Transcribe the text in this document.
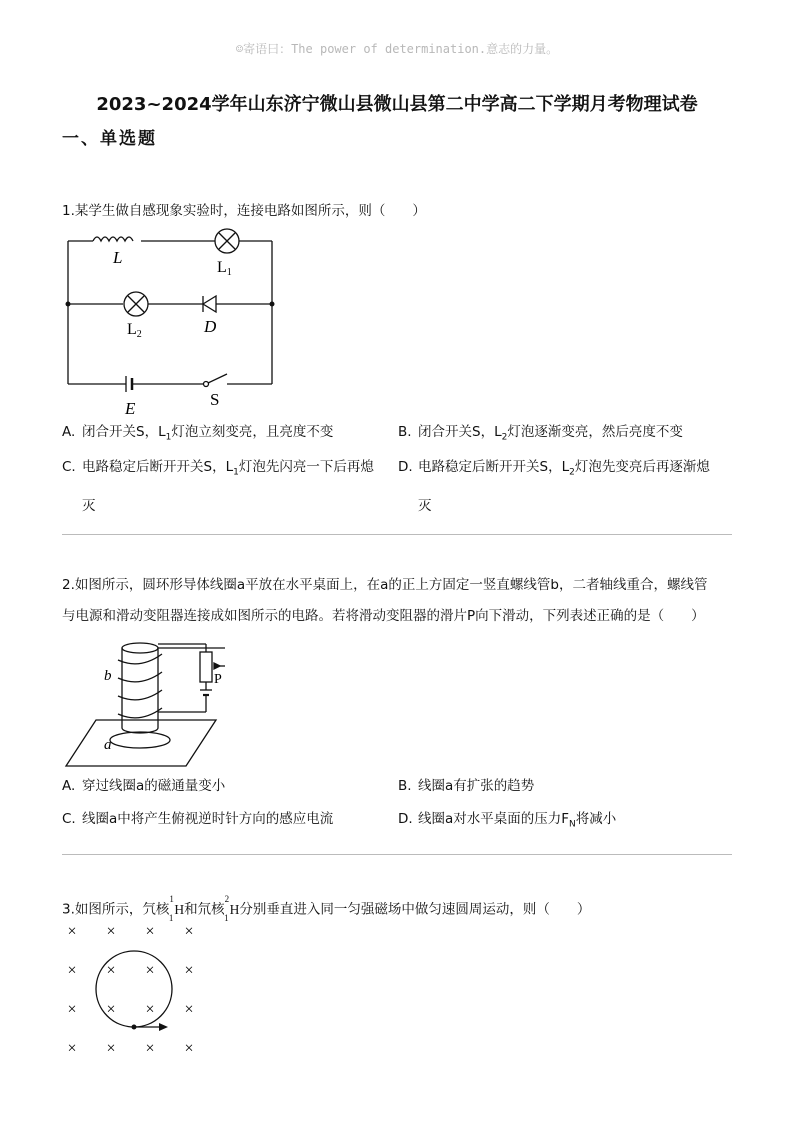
☺寄语曰：The power of determination.意志的力量。
2023~2024学年山东济宁微山县微山县第二中学高二下学期月考物理试卷
一、单选题
1.某学生做自感现象实验时，连接电路如图所示，则（　　）
L
L1
L2	D
E	S
A. 闭合开关S，$L_1$灯泡立刻变亮，且亮度不变	B. 闭合开关S，$L_2$灯泡逐渐变亮，然后亮度不变
C. 电路稳定后断开开关S，$L_1$灯泡先闪亮一下后再熄
灭
D. 电路稳定后断开开关S，$L_2$灯泡先变亮后再逐渐熄
灭
2.如图所示，圆环形导体线圈a平放在水平桌面上，在a的正上方固定一竖直螺线管b，二者轴线重合，螺线管
与电源和滑动变阻器连接成如图所示的电路。若将滑动变阻器的滑片P向下滑动，下列表述正确的是（　　）
b
a
P
A. 穿过线圈a的磁通量变小	B. 线圈a有扩张的趋势
C. 线圈a中将产生俯视逆时针方向的感应电流	D. 线圈a对水平桌面的压力$F_N$将减小
3.如图所示，氕核$^1_1$H和氘核$^2_1$H分别垂直进入同一匀强磁场中做匀速圆周运动，则（　　）
× × × ×
× × × ×
× × × ×
× × × ×
